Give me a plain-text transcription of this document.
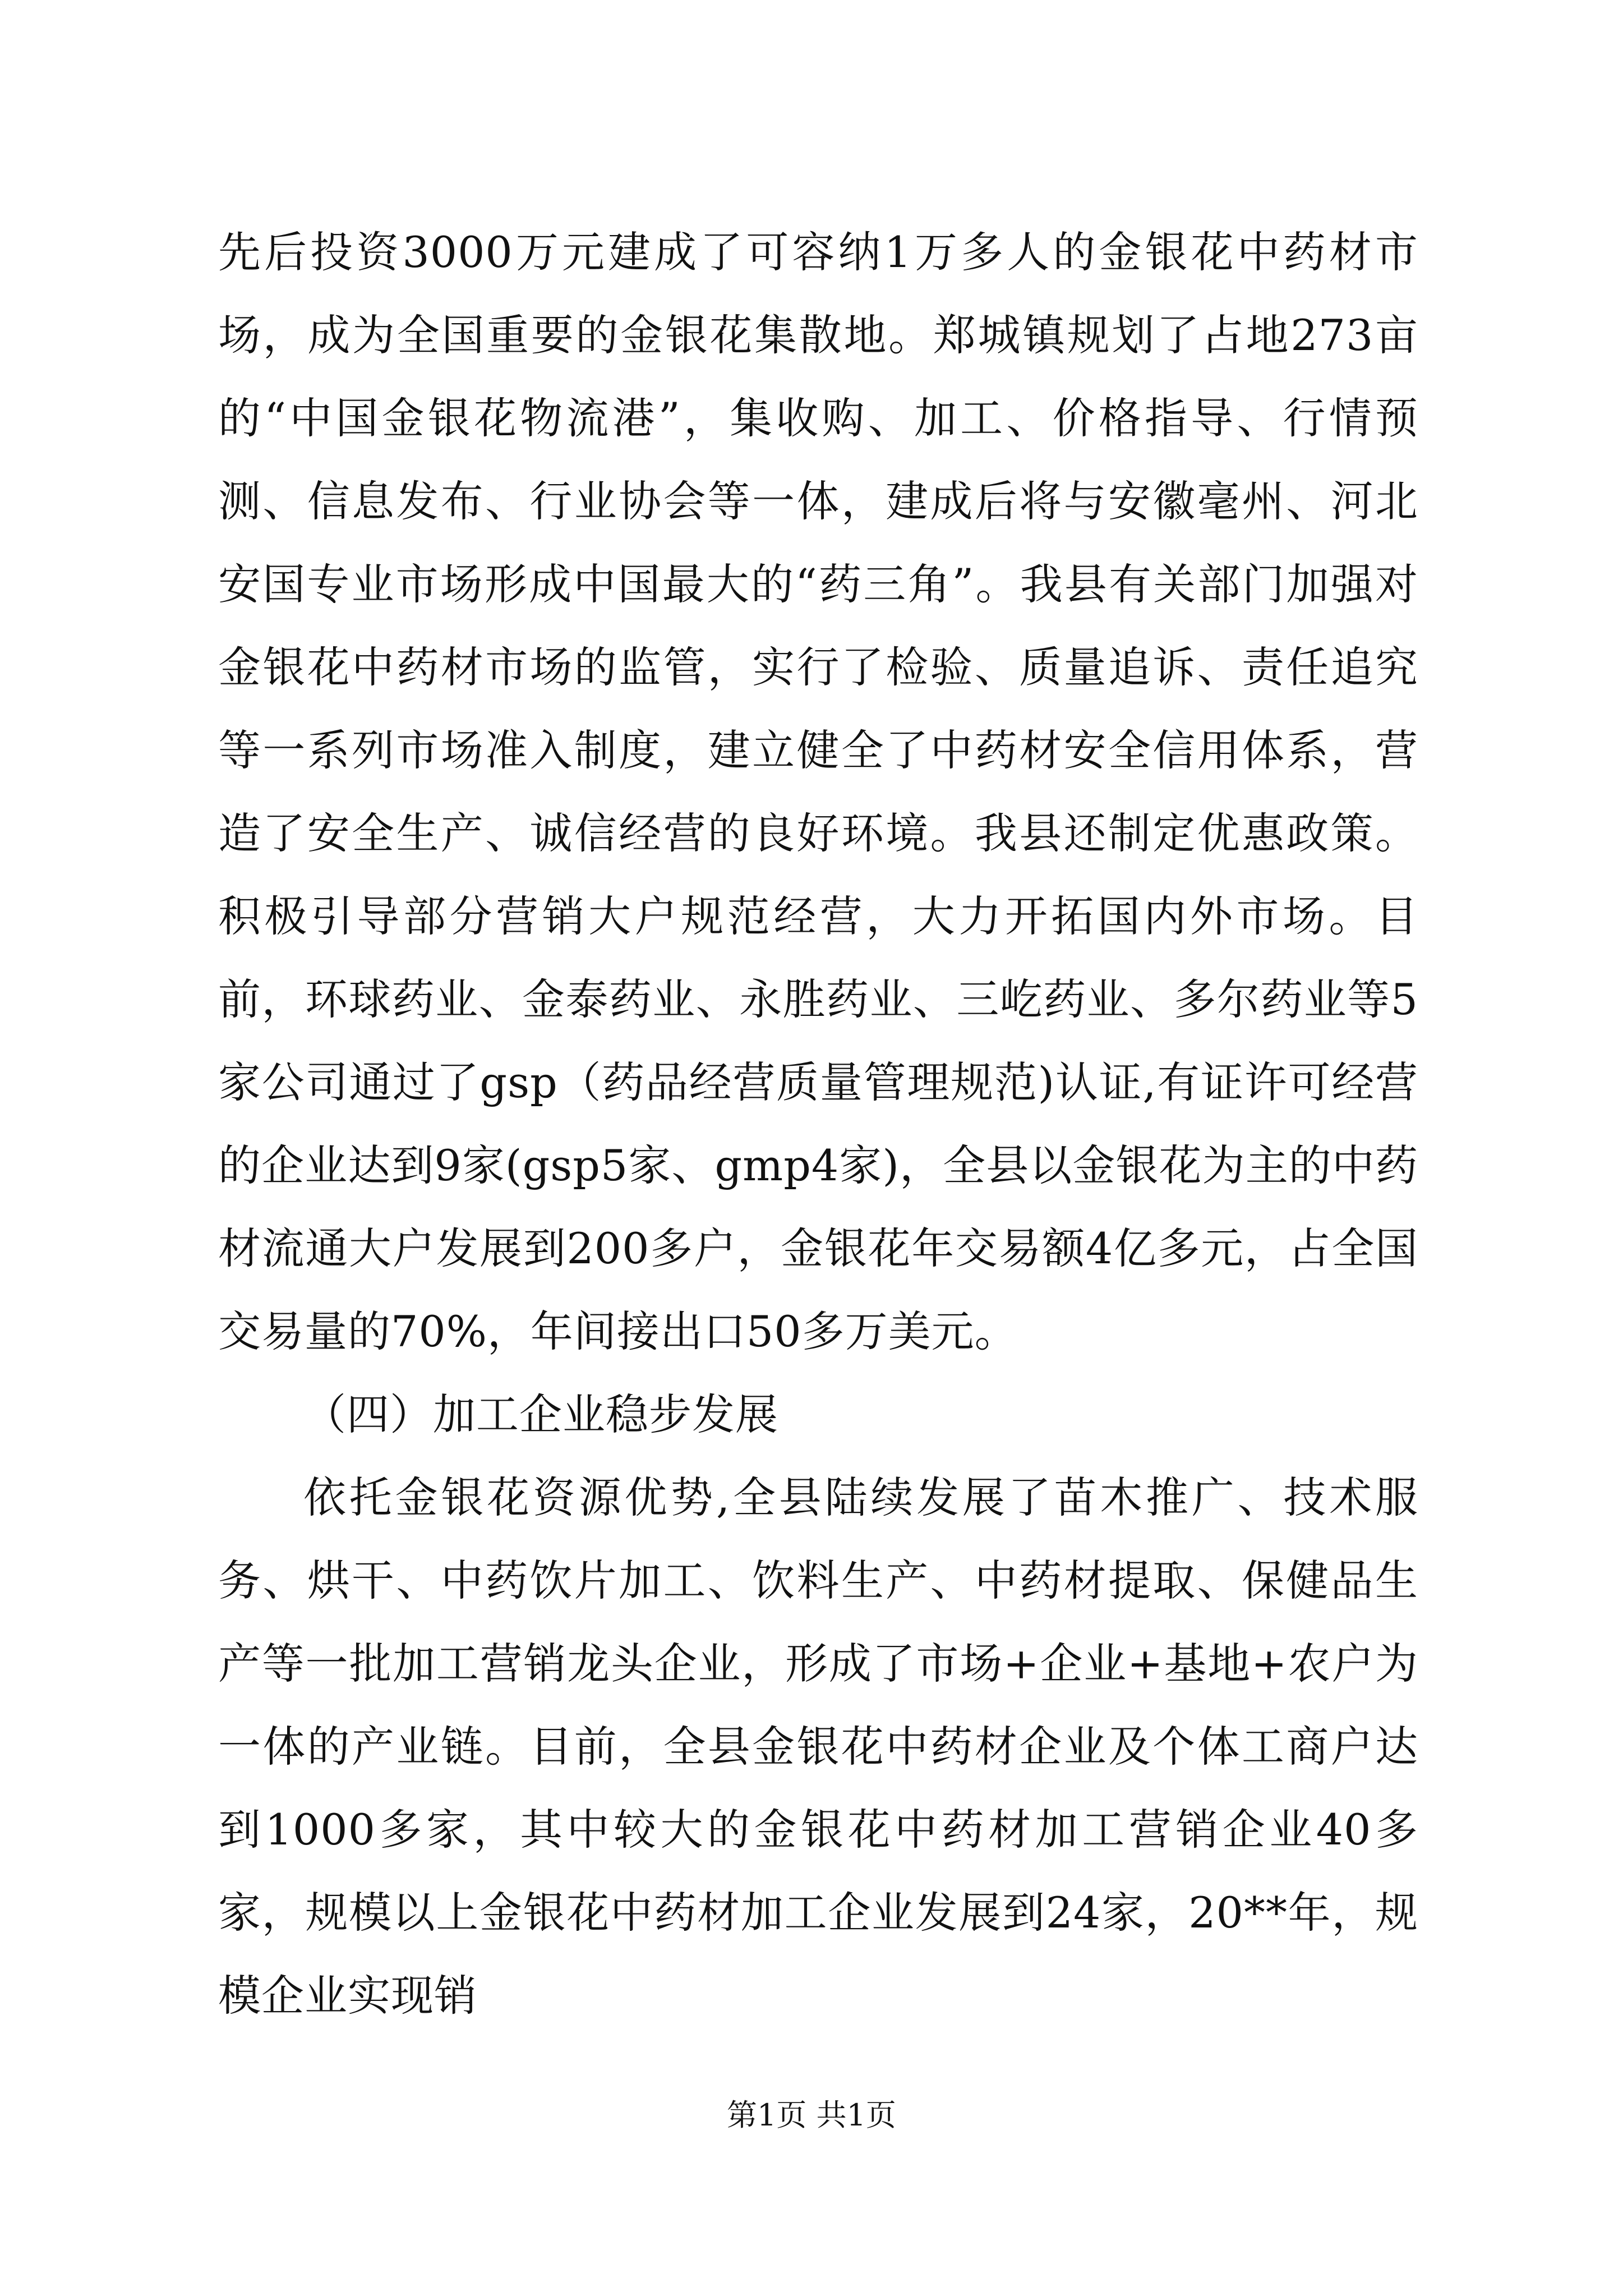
先后投资3000万元建成了可容纳1万多人的金银花中药材市场，成为全国重要的金银花集散地。郑城镇规划了占地273亩的“中国金银花物流港”，集收购、加工、价格指导、行情预测、信息发布、行业协会等一体，建成后将与安徽毫州、河北安国专业市场形成中国最大的“药三角”。我县有关部门加强对金银花中药材市场的监管，实行了检验、质量追诉、责任追究等一系列市场准入制度，建立健全了中药材安全信用体系，营造了安全生产、诚信经营的良好环境。我县还制定优惠政策。积极引导部分营销大户规范经营，大力开拓国内外市场。目前，环球药业、金泰药业、永胜药业、三屹药业、多尔药业等5家公司通过了gsp（药品经营质量管理规范)认证,有证许可经营的企业达到9家(gsp5家、gmp4家)，全县以金银花为主的中药材流通大户发展到200多户，金银花年交易额4亿多元，占全国交易量的70%，年间接出口50多万美元。

（四）加工企业稳步发展

依托金银花资源优势,全县陆续发展了苗木推广、技术服务、烘干、中药饮片加工、饮料生产、中药材提取、保健品生产等一批加工营销龙头企业，形成了市场+企业+基地+农户为一体的产业链。目前，全县金银花中药材企业及个体工商户达到1000多家，其中较大的金银花中药材加工营销企业40多家，规模以上金银花中药材加工企业发展到24家，20**年，规模企业实现销

第1页 共1页
